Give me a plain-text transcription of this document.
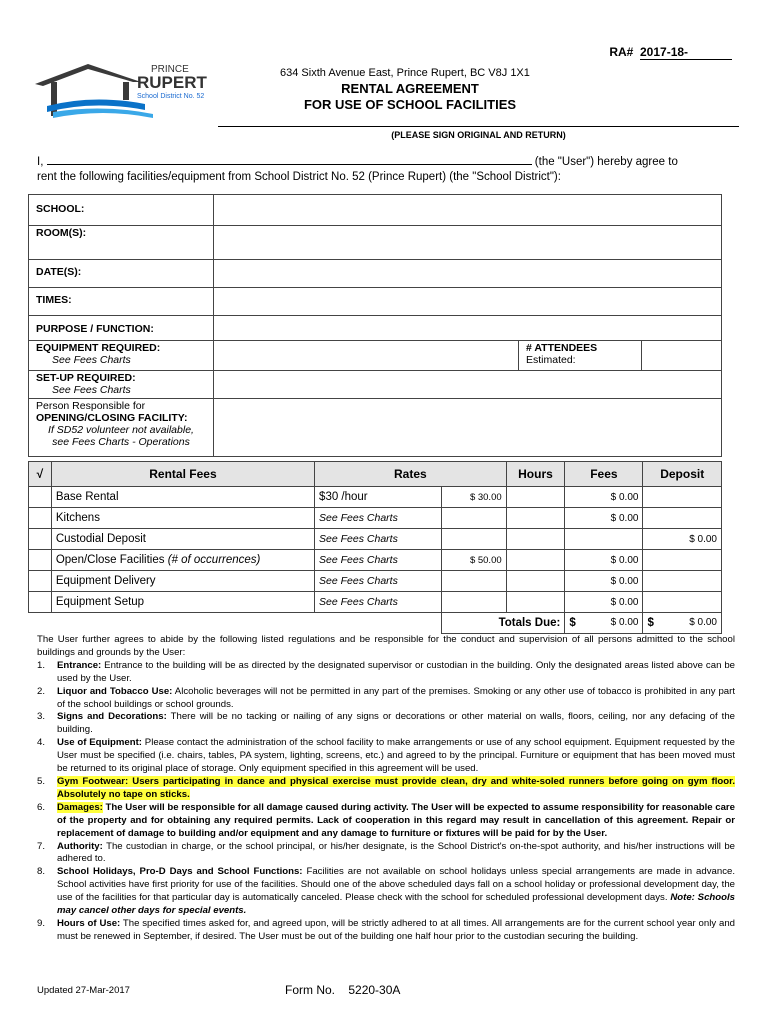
PRINCE
RUPERT
School District No. 52
RA# 2017-18-
634 Sixth Avenue East, Prince Rupert, BC V8J 1X1
RENTAL AGREEMENT
FOR USE OF SCHOOL FACILITIES
(PLEASE SIGN ORIGINAL AND RETURN)
I,	(the "User") hereby agree to
rent the following facilities/equipment from School District No. 52 (Prince Rupert) (the "School District"):
SCHOOL:			
ROOM(S):			
DATE(S):			
TIMES:			
PURPOSE / FUNCTION:			
EQUIPMENT REQUIRED:
See Fees Charts		# ATTENDEES
Estimated:	
SET-UP REQUIRED:
See Fees Charts			

Person Responsible for
OPENING/CLOSING FACILITY:
If SD52 volunteer not available,
see Fees Charts - Operations			

√	Rental Fees	Rates		Hours	Fees	Deposit
	Base Rental	$30 /hour	$ 30.00		$ 0.00	
	Kitchens	See Fees Charts			$ 0.00	
	Custodial Deposit	See Fees Charts				$ 0.00
	Open/Close Facilities (# of occurrences)	See Fees Charts	$ 50.00		$ 0.00	
	Equipment Delivery	See Fees Charts			$ 0.00	
	Equipment Setup	See Fees Charts			$ 0.00	
			Totals Due:		$ $ 0.00	$ $ 0.00
The User further agrees to abide by the following listed regulations and be responsible for the conduct and supervision of all persons admitted to the school buildings and grounds by the User:
1. Entrance: Entrance to the building will be as directed by the designated supervisor or custodian in the building. Only the designated areas listed above can be used by the User.
2. Liquor and Tobacco Use: Alcoholic beverages will not be permitted in any part of the premises. Smoking or any other use of tobacco is prohibited in any part of the school buildings or school grounds.
3. Signs and Decorations: There will be no tacking or nailing of any signs or decorations or other material on walls, floors, ceiling, nor any defacing of the building.
4. Use of Equipment: Please contact the administration of the school facility to make arrangements or use of any school equipment. Equipment requested by the User must be specified (i.e. chairs, tables, PA system, lighting, screens, etc.) and agreed to by the principal. Furniture or equipment that has been moved must be returned to its original place of storage. Only equipment specified in this agreement will be used.
5. Gym Footwear: Users participating in dance and physical exercise must provide clean, dry and white-soled runners before going on gym floor. Absolutely no tape on sticks.
6. Damages: The User will be responsible for all damage caused during activity. The User will be expected to assume responsibility for reasonable care of the property and for obtaining any required permits. Lack of cooperation in this regard may result in cancellation of this agreement. Repair or replacement of damage to building and/or equipment and any damage to furniture or fixtures will be paid for by the User.
7. Authority: The custodian in charge, or the school principal, or his/her designate, is the School District's on-the-spot authority, and his/her instructions will be adhered to.
8. School Holidays, Pro-D Days and School Functions: Facilities are not available on school holidays unless special arrangements are made in advance. School activities have first priority for use of the facilities. Should one of the above scheduled days fall on a school holiday or professional development day, the use of the facilities for that particular day is automatically canceled. Please check with the school for scheduled professional development days. Note: Schools may cancel other days for special events.
9. Hours of Use: The specified times asked for, and agreed upon, will be strictly adhered to at all times. All arrangements are for the current school year only and must be renewed in September, if desired. The User must be out of the building one half hour prior to the custodian securing the building.
Updated 27-Mar-2017	Form No. 5220-30A
